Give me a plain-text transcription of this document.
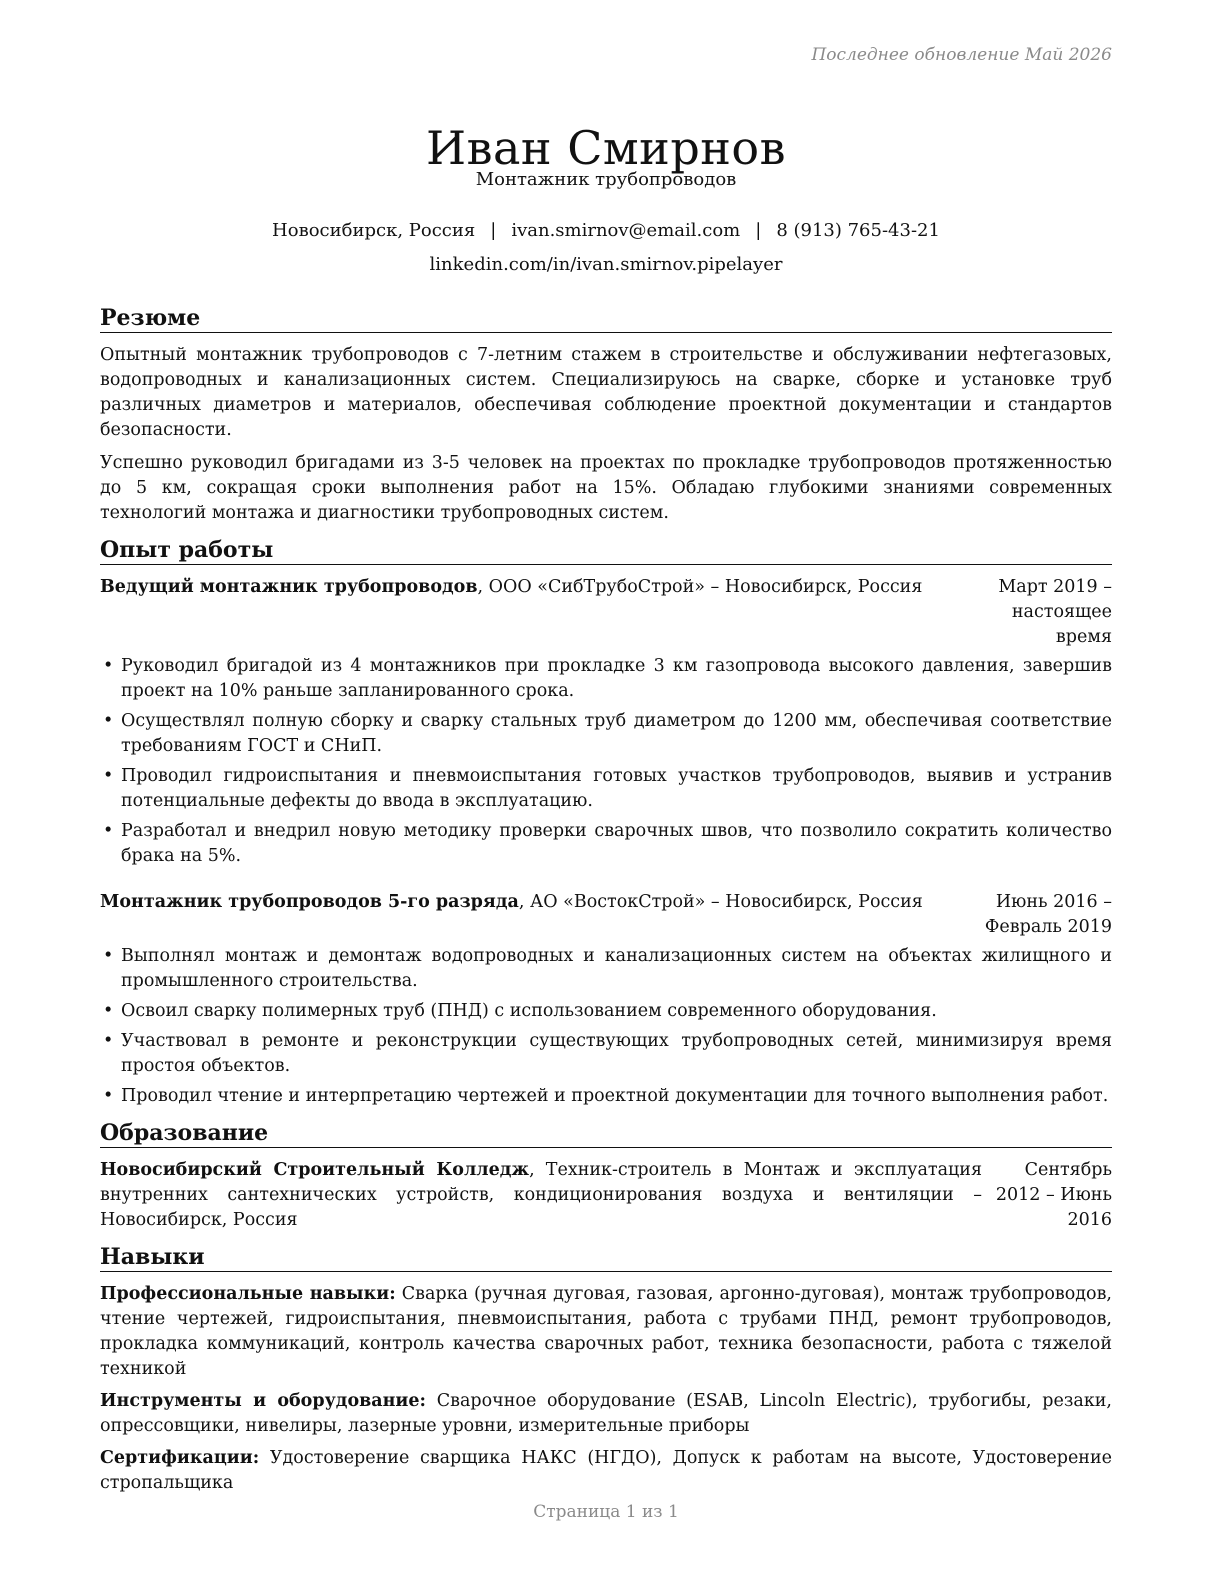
Последнее обновление Май 2026
Иван Смирнов
Монтажник трубопроводов
Новосибирск, Россия | ivan.smirnov@email.com | 8 (913) 765-43-21
linkedin.com/in/ivan.smirnov.pipelayer
Резюме

Опытный монтажник трубопроводов с 7-летним стажем в строительстве и обслуживании нефтегазовых, водопроводных и канализационных систем. Специализируюсь на сварке, сборке и установке труб различных диаметров и материалов, обеспечивая соблюдение проектной документации и стандартов безопасности.

Успешно руководил бригадами из 3-5 человек на проектах по прокладке трубопроводов протяженностью до 5 км, сокращая сроки выполнения работ на 15%. Обладаю глубокими знаниями современных технологий монтажа и диагностики трубопроводных систем.

Опыт работы
Ведущий монтажник трубопроводов, ООО «СибТрубоСтрой» – Новосибирск, Россия	Март 2019 – настоящее время
• Руководил бригадой из 4 монтажников при прокладке 3 км газопровода высокого давления, завершив проект на 10% раньше запланированного срока.
• Осуществлял полную сборку и сварку стальных труб диаметром до 1200 мм, обеспечивая соответствие требованиям ГОСТ и СНиП.
• Проводил гидроиспытания и пневмоиспытания готовых участков трубопроводов, выявив и устранив потенциальные дефекты до ввода в эксплуатацию.
• Разработал и внедрил новую методику проверки сварочных швов, что позволило сократить количество брака на 5%.
Монтажник трубопроводов 5-го разряда, АО «ВостокСтрой» – Новосибирск, Россия	Июнь 2016 – Февраль 2019
• Выполнял монтаж и демонтаж водопроводных и канализационных систем на объектах жилищного и промышленного строительства.
• Освоил сварку полимерных труб (ПНД) с использованием современного оборудования.
• Участвовал в ремонте и реконструкции существующих трубопроводных сетей, минимизируя время простоя объектов.
• Проводил чтение и интерпретацию чертежей и проектной документации для точного выполнения работ.
Образование
Новосибирский Строительный Колледж, Техник-строитель в Монтаж и эксплуатация внутренних сантехнических устройств, кондиционирования воздуха и вентиляции – Новосибирск, Россия
Сентябрь 2012 – Июнь 2016
Навыки

Профессиональные навыки: Сварка (ручная дуговая, газовая, аргонно-дуговая), монтаж трубопроводов, чтение чертежей, гидроиспытания, пневмоиспытания, работа с трубами ПНД, ремонт трубопроводов, прокладка коммуникаций, контроль качества сварочных работ, техника безопасности, работа с тяжелой техникой

Инструменты и оборудование: Сварочное оборудование (ESAB, Lincoln Electric), трубогибы, резаки, опрессовщики, нивелиры, лазерные уровни, измерительные приборы

Сертификации: Удостоверение сварщика НАКС (НГДО), Допуск к работам на высоте, Удостоверение стропальщика

Страница 1 из 1
